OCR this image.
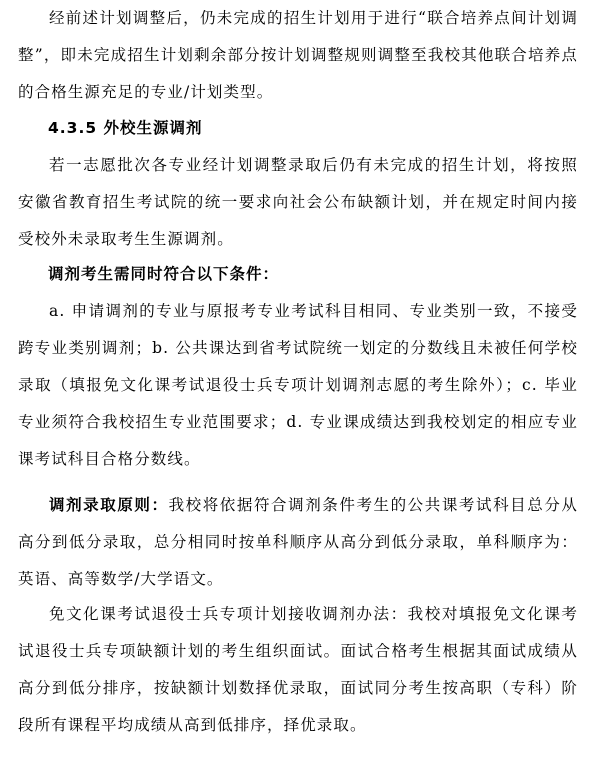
经前述计划调整后，仍未完成的招生计划用于进行“联合培养点间计划调整”，即未完成招生计划剩余部分按计划调整规则调整至我校其他联合培养点的合格生源充足的专业/计划类型。

4.3.5 外校生源调剂

若一志愿批次各专业经计划调整录取后仍有未完成的招生计划，将按照安徽省教育招生考试院的统一要求向社会公布缺额计划，并在规定时间内接受校外未录取考生生源调剂。

调剂考生需同时符合以下条件：

a. 申请调剂的专业与原报考专业考试科目相同、专业类别一致，不接受跨专业类别调剂；b. 公共课达到省考试院统一划定的分数线且未被任何学校录取（填报免文化课考试退役士兵专项计划调剂志愿的考生除外）；c. 毕业专业须符合我校招生专业范围要求；d. 专业课成绩达到我校划定的相应专业课考试科目合格分数线。

调剂录取原则：我校将依据符合调剂条件考生的公共课考试科目总分从高分到低分录取，总分相同时按单科顺序从高分到低分录取，单科顺序为：英语、高等数学/大学语文。

免文化课考试退役士兵专项计划接收调剂办法：我校对填报免文化课考试退役士兵专项缺额计划的考生组织面试。面试合格考生根据其面试成绩从高分到低分排序，按缺额计划数择优录取，面试同分考生按高职（专科）阶段所有课程平均成绩从高到低排序，择优录取。
